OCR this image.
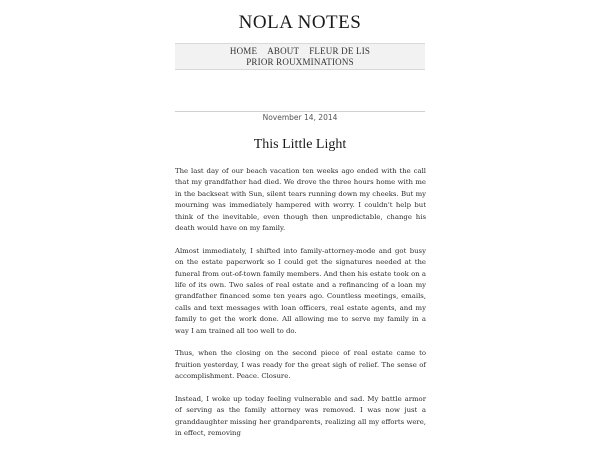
NOLA NOTES
HOME ABOUT FLEUR DE LIS
PRIOR ROUXMINATIONS
November 14, 2014
This Little Light

The last day of our beach vacation ten weeks ago ended with the call that my grandfather had died. We drove the three hours home with me in the backseat with Sun, silent tears running down my cheeks. But my mourning was immediately hampered with worry. I couldn't help but think of the inevitable, even though then unpredictable, change his death would have on my family.

Almost immediately, I shifted into family-attorney-mode and got busy on the estate paperwork so I could get the signatures needed at the funeral from out-of-town family members. And then his estate took on a life of its own. Two sales of real estate and a refinancing of a loan my grandfather financed some ten years ago. Countless meetings, emails, calls and text messages with loan officers, real estate agents, and my family to get the work done. All allowing me to serve my family in a way I am trained all too well to do.

Thus, when the closing on the second piece of real estate came to fruition yesterday, I was ready for the great sigh of relief. The sense of accomplishment. Peace. Closure.

Instead, I woke up today feeling vulnerable and sad. My battle armor of serving as the family attorney was removed. I was now just a granddaughter missing her grandparents, realizing all my efforts were, in effect, removing
